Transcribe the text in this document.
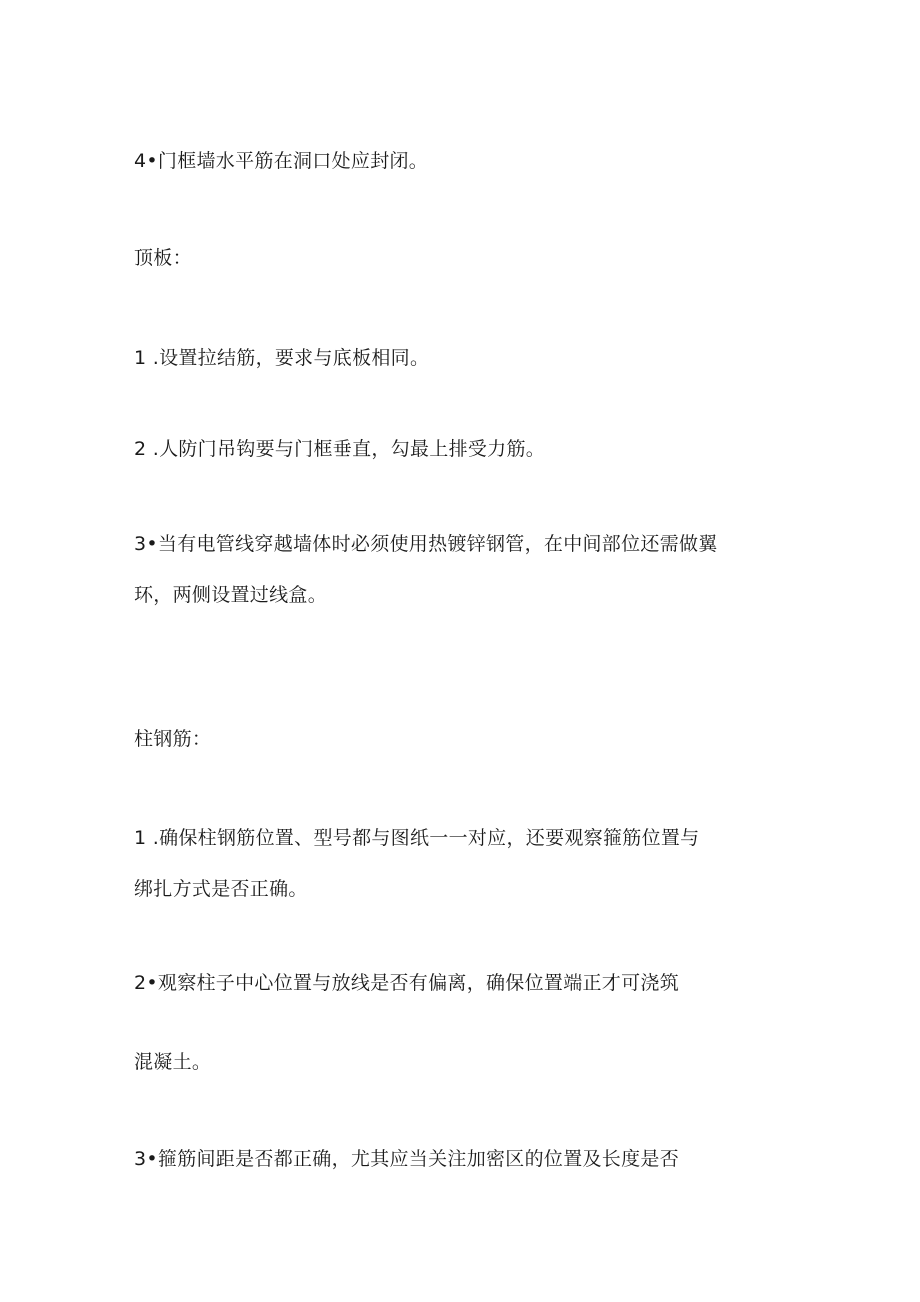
4•门框墙水平筋在洞口处应封闭。
顶板：
1 .设置拉结筋，要求与底板相同。
2 .人防门吊钩要与门框垂直，勾最上排受力筋。
3•当有电管线穿越墙体时必须使用热镀锌钢管，在中间部位还需做翼
环，两侧设置过线盒。
柱钢筋：
1 .确保柱钢筋位置、型号都与图纸一一对应，还要观察箍筋位置与
绑扎方式是否正确。
2•观察柱子中心位置与放线是否有偏离，确保位置端正才可浇筑
混凝土。
3•箍筋间距是否都正确，尤其应当关注加密区的位置及长度是否
